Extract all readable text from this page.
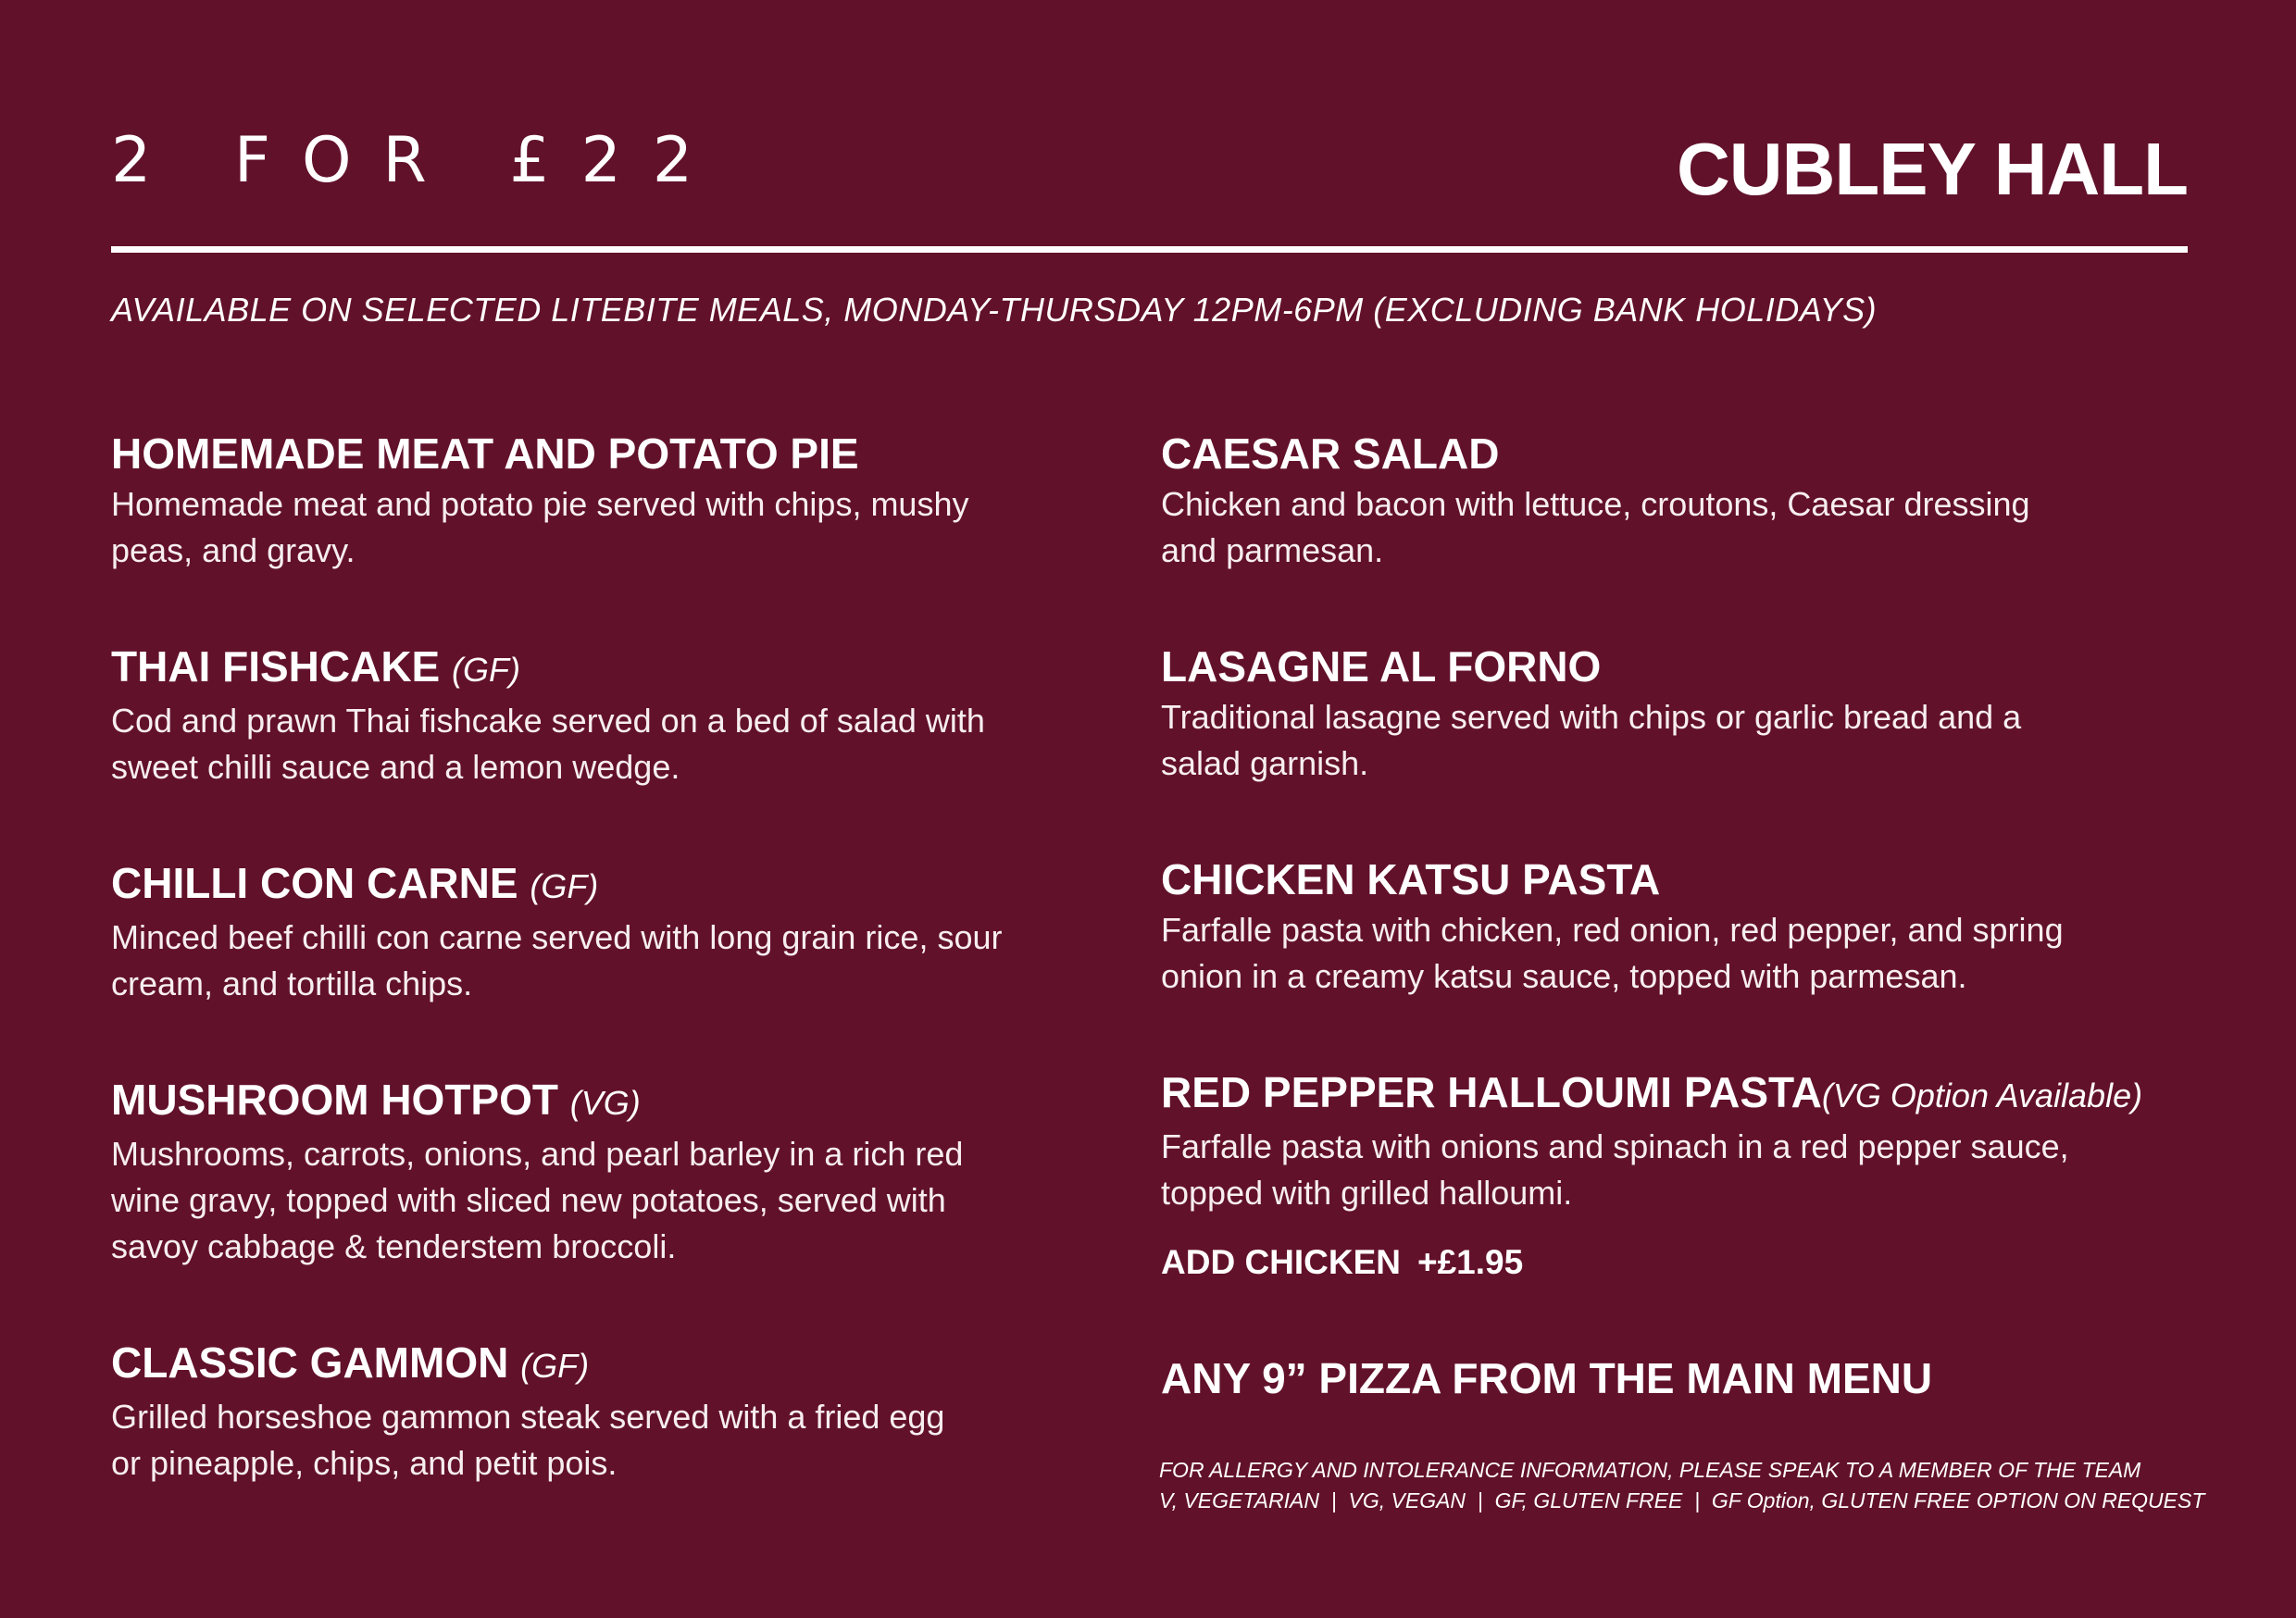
2 FOR £22	CUBLEY HALL
AVAILABLE ON SELECTED LITEBITE MEALS, MONDAY-THURSDAY 12PM-6PM (EXCLUDING BANK HOLIDAYS)
HOMEMADE MEAT AND POTATO PIE
Homemade meat and potato pie served with chips, mushy
peas, and gravy.
THAI FISHCAKE (GF)
Cod and prawn Thai fishcake served on a bed of salad with
sweet chilli sauce and a lemon wedge.
CHILLI CON CARNE (GF)
Minced beef chilli con carne served with long grain rice, sour
cream, and tortilla chips.
MUSHROOM HOTPOT (VG)
Mushrooms, carrots, onions, and pearl barley in a rich red
wine gravy, topped with sliced new potatoes, served with
savoy cabbage & tenderstem broccoli.
CLASSIC GAMMON (GF)
Grilled horseshoe gammon steak served with a fried egg
or pineapple, chips, and petit pois.
CAESAR SALAD
Chicken and bacon with lettuce, croutons, Caesar dressing
and parmesan.
LASAGNE AL FORNO
Traditional lasagne served with chips or garlic bread and a
salad garnish.
CHICKEN KATSU PASTA
Farfalle pasta with chicken, red onion, red pepper, and spring
onion in a creamy katsu sauce, topped with parmesan.
RED PEPPER HALLOUMI PASTA(VG Option Available)
Farfalle pasta with onions and spinach in a red pepper sauce,
topped with grilled halloumi.
ADD CHICKEN +£1.95
ANY 9” PIZZA FROM THE MAIN MENU
FOR ALLERGY AND INTOLERANCE INFORMATION, PLEASE SPEAK TO A MEMBER OF THE TEAM
V, VEGETARIAN  |  VG, VEGAN  |  GF, GLUTEN FREE  |  GF Option, GLUTEN FREE OPTION ON REQUEST
